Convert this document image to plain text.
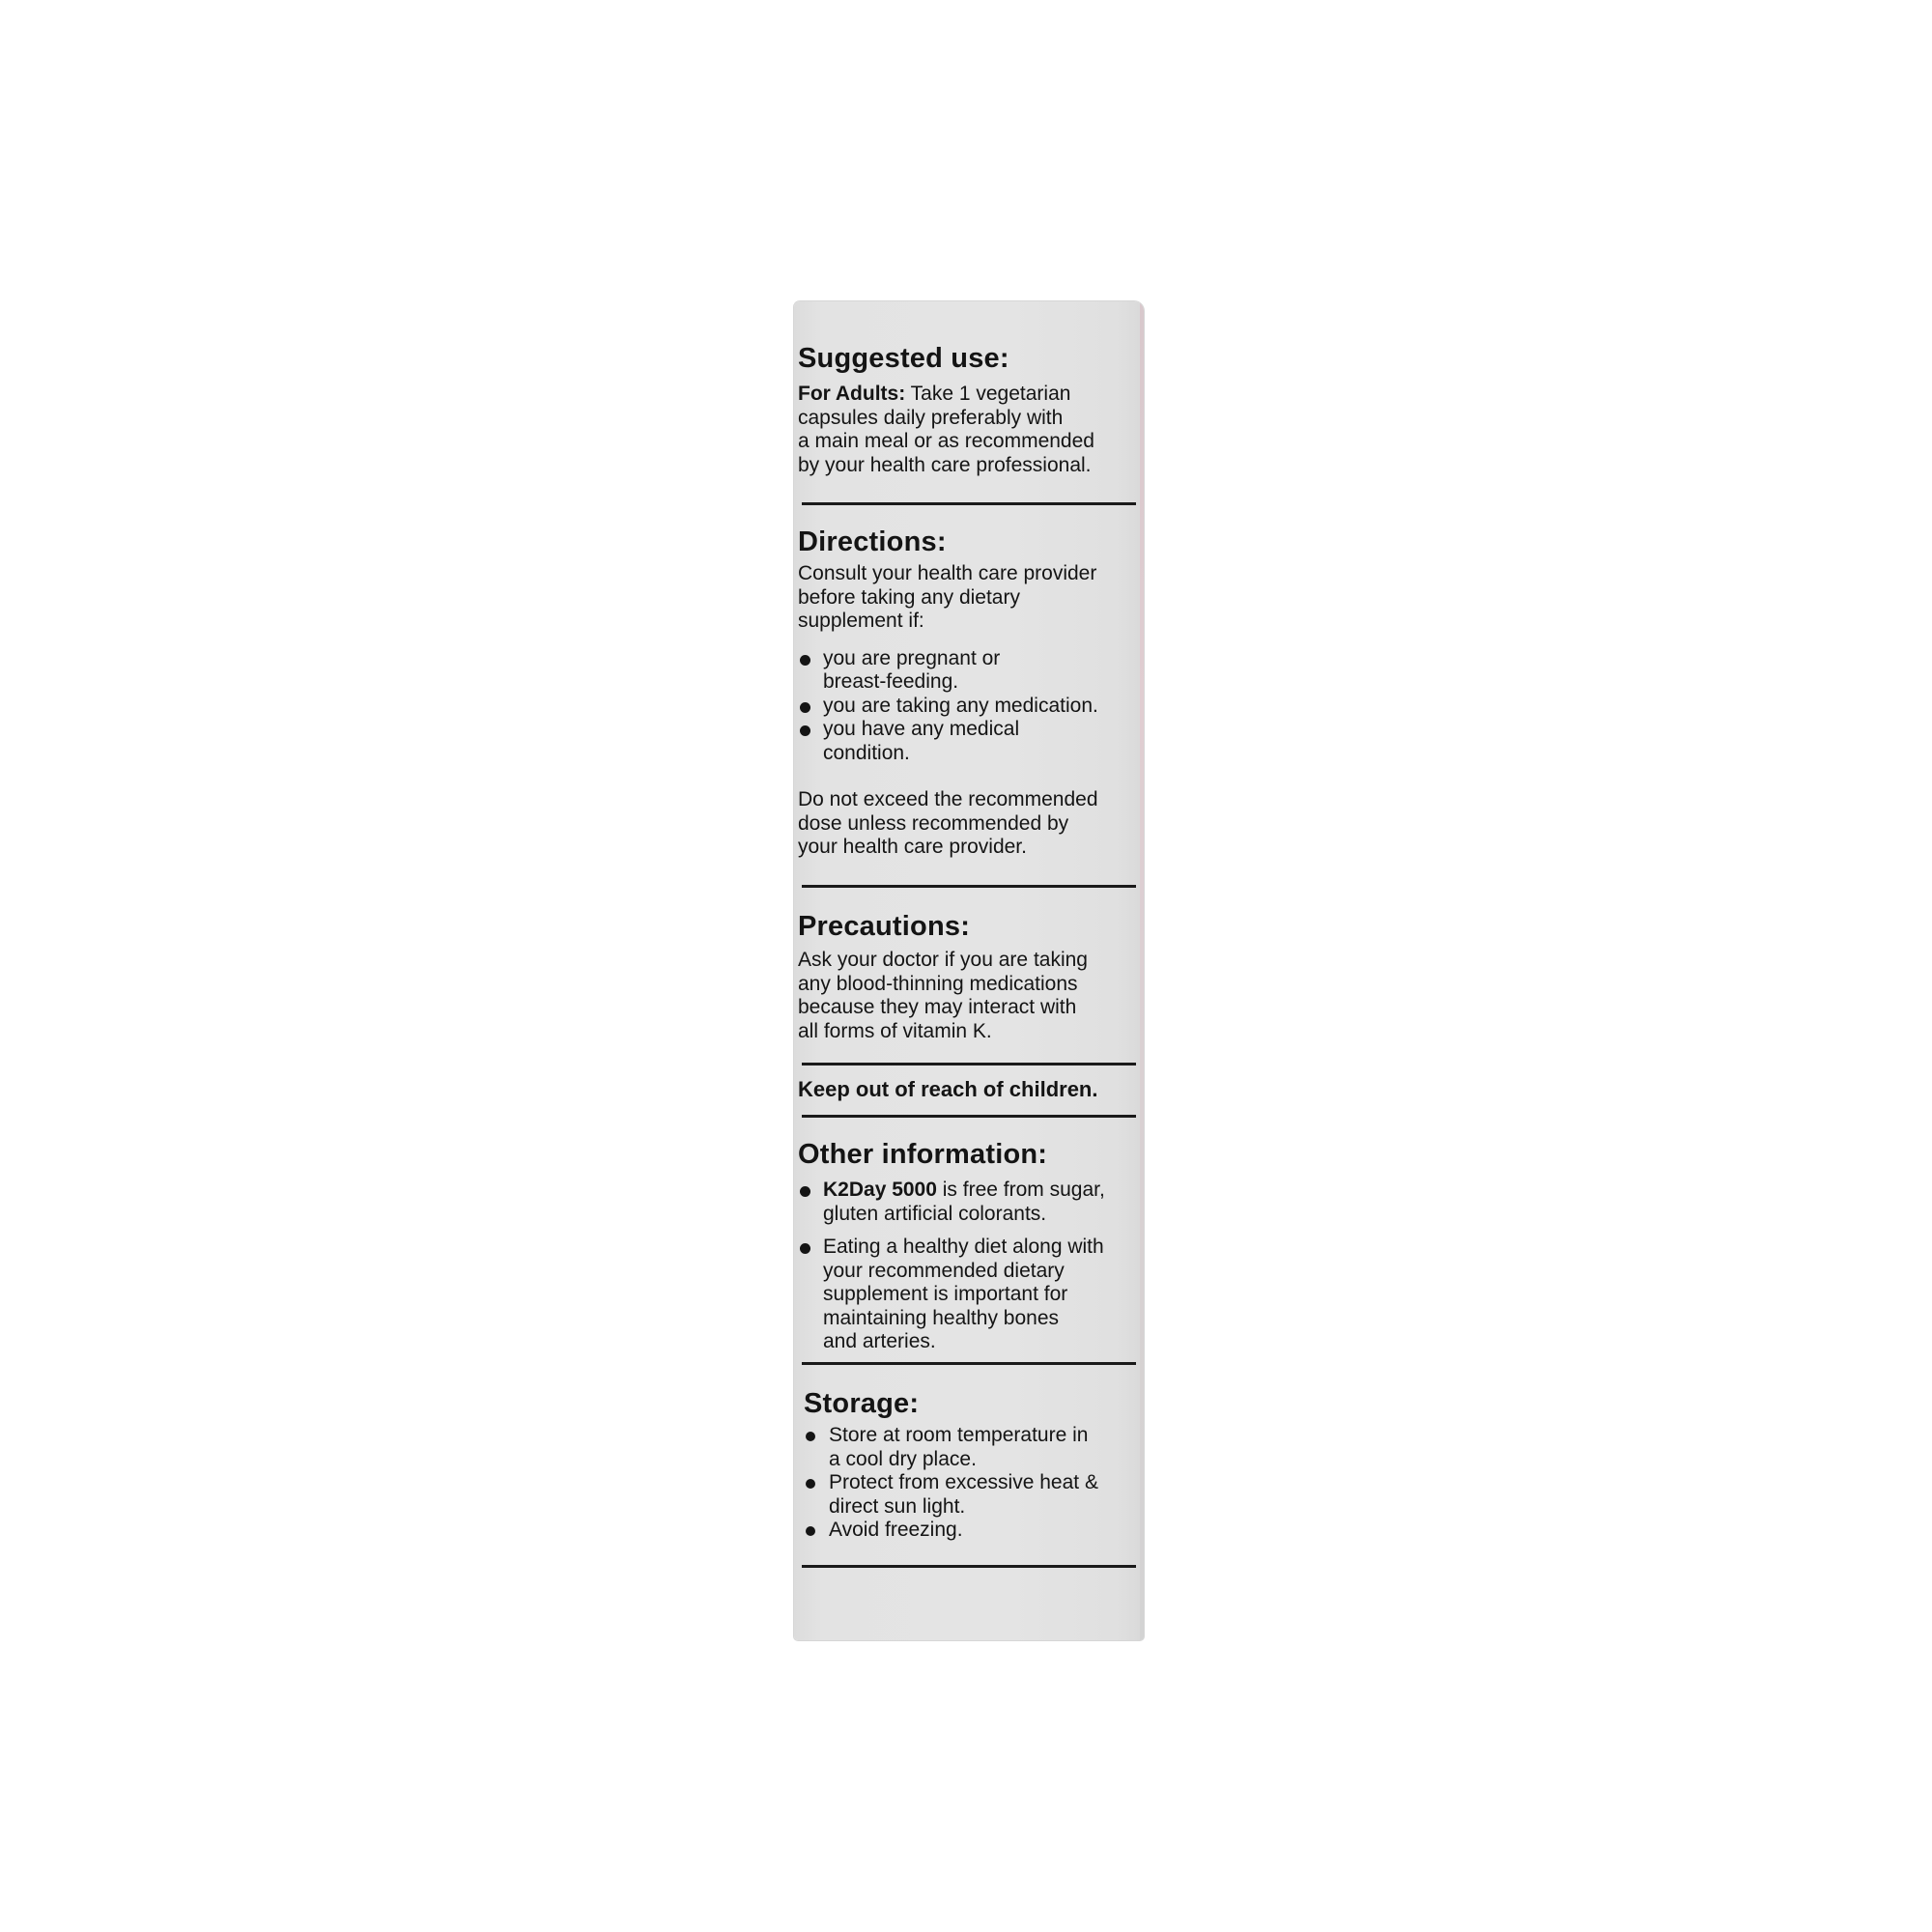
Suggested use:

For Adults: Take 1 vegetarian
capsules daily preferably with
a main meal or as recommended
by your health care professional.

Directions:

Consult your health care provider
before taking any dietary
supplement if:

you are pregnant or
breast-feeding.
you are taking any medication.
you have any medical
condition.

Do not exceed the recommended
dose unless recommended by
your health care provider.

Precautions:

Ask your doctor if you are taking
any blood-thinning medications
because they may interact with
all forms of vitamin K.

Keep out of reach of children.

Other information:
K2Day 5000 is free from sugar,
gluten artificial colorants.
Eating a healthy diet along with
your recommended dietary
supplement is important for
maintaining healthy bones
and arteries.
Storage:
Store at room temperature in
a cool dry place.
Protect from excessive heat &
direct sun light.
Avoid freezing.
